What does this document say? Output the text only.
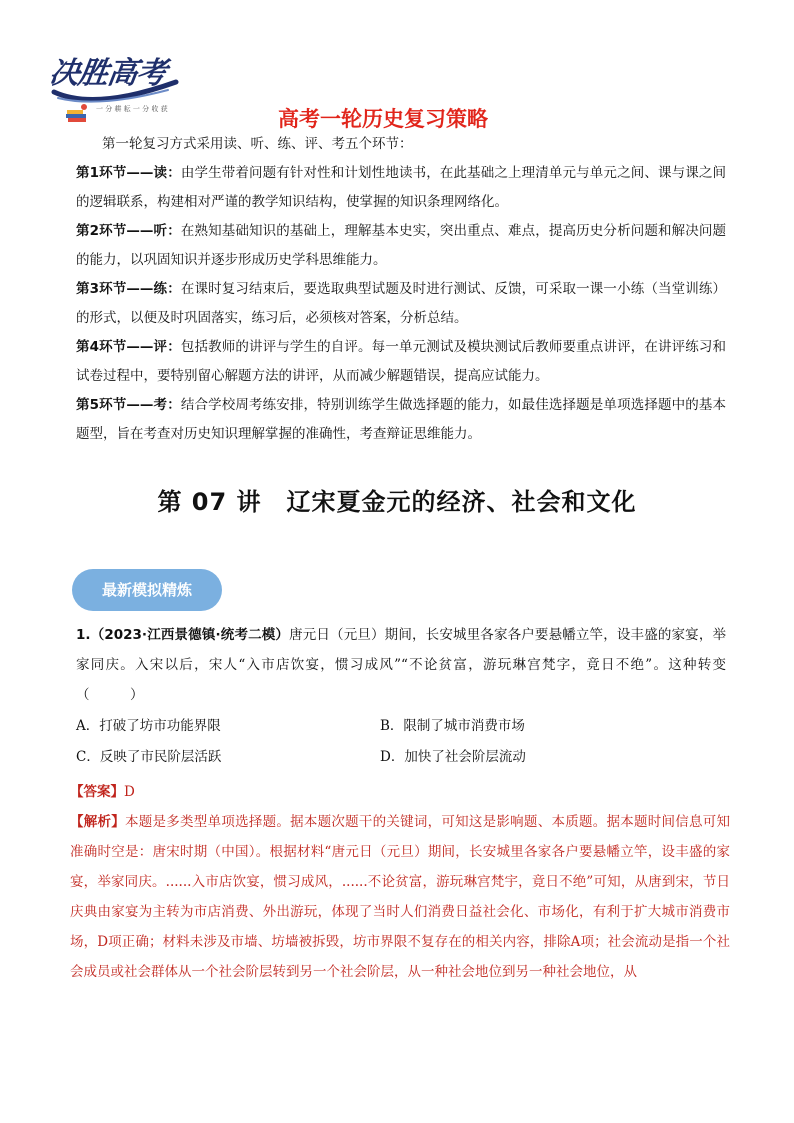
决胜高考
一 分 耕 耘 一 分 收 获	高考一轮历史复习策略

第一轮复习方式采用读、听、练、评、考五个环节：

第1环节——读：由学生带着问题有针对性和计划性地读书，在此基础之上理清单元与单元之间、课与课之间的逻辑联系，构建相对严谨的教学知识结构，使掌握的知识条理网络化。

第2环节——听：在熟知基础知识的基础上，理解基本史实，突出重点、难点，提高历史分析问题和解决问题的能力，以巩固知识并逐步形成历史学科思维能力。

第3环节——练：在课时复习结束后，要选取典型试题及时进行测试、反馈，可采取一课一小练（当堂训练）的形式，以便及时巩固落实，练习后，必须核对答案，分析总结。

第4环节——评：包括教师的讲评与学生的自评。每一单元测试及模块测试后教师要重点讲评，在讲评练习和试卷过程中，要特别留心解题方法的讲评，从而减少解题错误，提高应试能力。

第5环节——考：结合学校周考练安排，特别训练学生做选择题的能力，如最佳选择题是单项选择题中的基本题型，旨在考查对历史知识理解掌握的准确性，考查辩证思维能力。

第 07 讲　辽宋夏金元的经济、社会和文化
最新模拟精炼

1.（2023·江西景德镇·统考二模）唐元日（元旦）期间，长安城里各家各户要悬幡立竿，设丰盛的家宴，举家同庆。入宋以后，宋人“入市店饮宴，惯习成风”“不论贫富，游玩琳宫梵字，竟日不绝”。这种转变（　　　）

A．打破了坊市功能界限	B．限制了城市消费市场
C．反映了市民阶层活跃	D．加快了社会阶层流动

【答案】D

【解析】本题是多类型单项选择题。据本题次题干的关键词，可知这是影响题、本质题。据本题时间信息可知准确时空是：唐宋时期（中国）。根据材料“唐元日（元旦）期间，长安城里各家各户要悬幡立竿，设丰盛的家宴，举家同庆。......入市店饮宴，惯习成风，......不论贫富，游玩琳宫梵宇，竟日不绝”可知，从唐到宋，节日庆典由家宴为主转为市店消费、外出游玩，体现了当时人们消费日益社会化、市场化，有利于扩大城市消费市场，D项正确；材料未涉及市墙、坊墙被拆毁，坊市界限不复存在的相关内容，排除A项；社会流动是指一个社会成员或社会群体从一个社会阶层转到另一个社会阶层，从一种社会地位到另一种社会地位，从
